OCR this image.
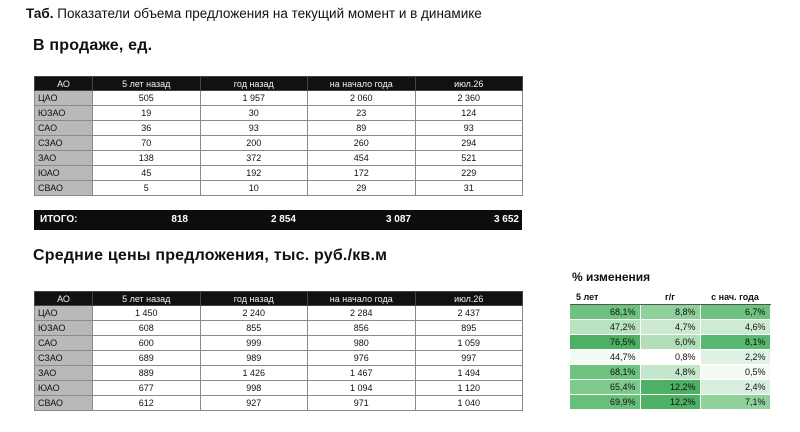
Таб. Показатели объема предложения на текущий момент и в динамике
В продаже, ед.
АО	5 лет назад	год назад	на начало года	июл.26
ЦАО	505	1 957	2 060	2 360
ЮЗАО	19	30	23	124
САО	36	93	89	93
СЗАО	70	200	260	294
ЗАО	138	372	454	521
ЮАО	45	192	172	229
СВАО	5	10	29	31
ИТОГО:	818	2 854	3 087	3 652
Средние цены предложения, тыс. руб./кв.м
АО	5 лет назад	год назад	на начало года	июл.26
ЦАО	1 450	2 240	2 284	2 437
ЮЗАО	608	855	856	895
САО	600	999	980	1 059
СЗАО	689	989	976	997
ЗАО	889	1 426	1 467	1 494
ЮАО	677	998	1 094	1 120
СВАО	612	927	971	1 040
% изменения
5 лет	г/г	с нач. года
68,1%	8,8%	6,7%
47,2%	4,7%	4,6%
76,5%	6,0%	8,1%
44,7%	0,8%	2,2%
68,1%	4,8%	0,5%
65,4%	12,2%	2,4%
69,9%	12,2%	7,1%
